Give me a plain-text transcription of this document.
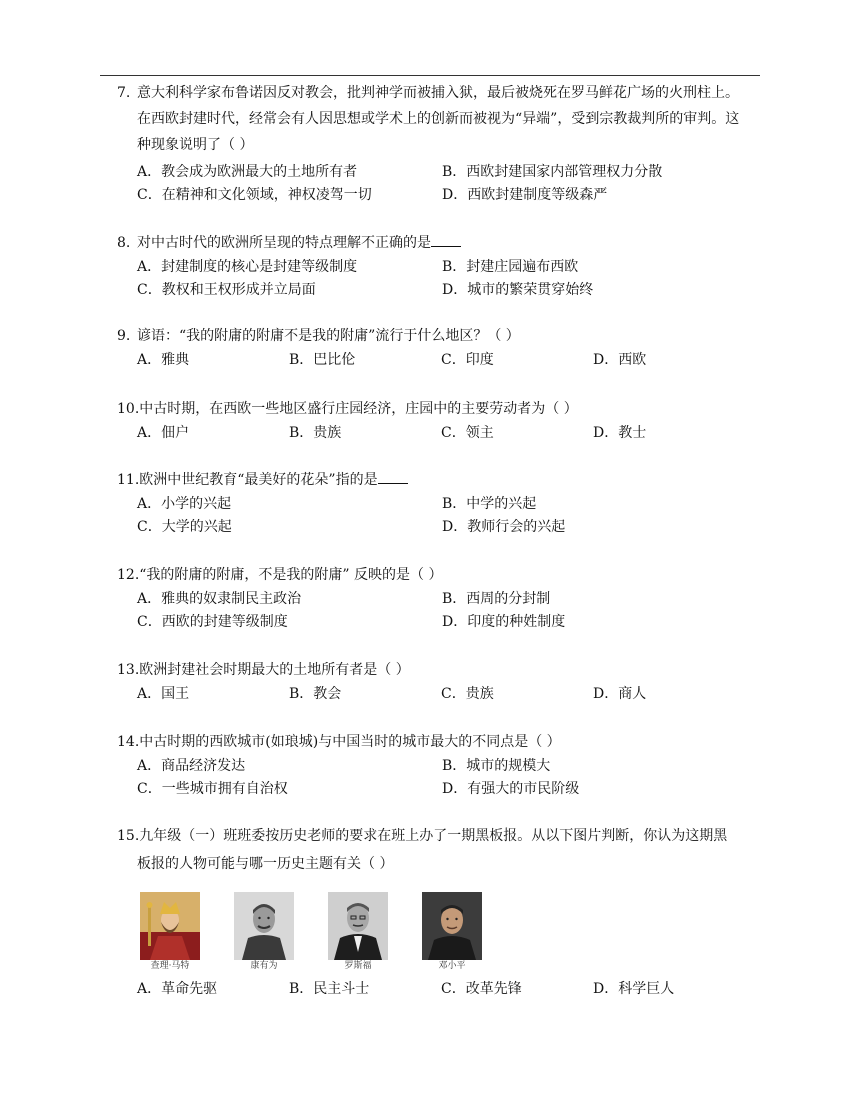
7. 意大利科学家布鲁诺因反对教会，批判神学而被捕入狱，最后被烧死在罗马鲜花广场的火刑柱上。
在西欧封建时代，经常会有人因思想或学术上的创新而被视为“异端”，受到宗教裁判所的审判。这
种现象说明了（ ）
A．教会成为欧洲最大的土地所有者	B．西欧封建国家内部管理权力分散
C．在精神和文化领域，神权凌驾一切	D．西欧封建制度等级森严
8. 对中古时代的欧洲所呈现的特点理解不正确的是
A．封建制度的核心是封建等级制度	B．封建庄园遍布西欧
C．教权和王权形成并立局面	D．城市的繁荣贯穿始终
9. 谚语：“我的附庸的附庸不是我的附庸”流行于什么地区？（ ）
A．雅典	B．巴比伦	C．印度	D．西欧
10.中古时期，在西欧一些地区盛行庄园经济，庄园中的主要劳动者为（ ）
A．佃户	B．贵族	C．领主	D．教士
11.欧洲中世纪教育“最美好的花朵”指的是
A．小学的兴起	B．中学的兴起
C．大学的兴起	D．教师行会的兴起
12.“我的附庸的附庸，不是我的附庸” 反映的是（ ）
A．雅典的奴隶制民主政治	B．西周的分封制
C．西欧的封建等级制度	D．印度的种姓制度
13.欧洲封建社会时期最大的土地所有者是（ ）
A．国王	B．教会	C．贵族	D．商人
14.中古时期的西欧城市(如琅城)与中国当时的城市最大的不同点是（ ）
A．商品经济发达	B．城市的规模大
C．一些城市拥有自治权	D．有强大的市民阶级
15.九年级（一）班班委按历史老师的要求在班上办了一期黑板报。从以下图片判断，你认为这期黑
板报的人物可能与哪一历史主题有关（ ）
查理·马特	康有为	罗斯福	邓小平
A．革命先驱	B．民主斗士	C．改革先锋	D．科学巨人
